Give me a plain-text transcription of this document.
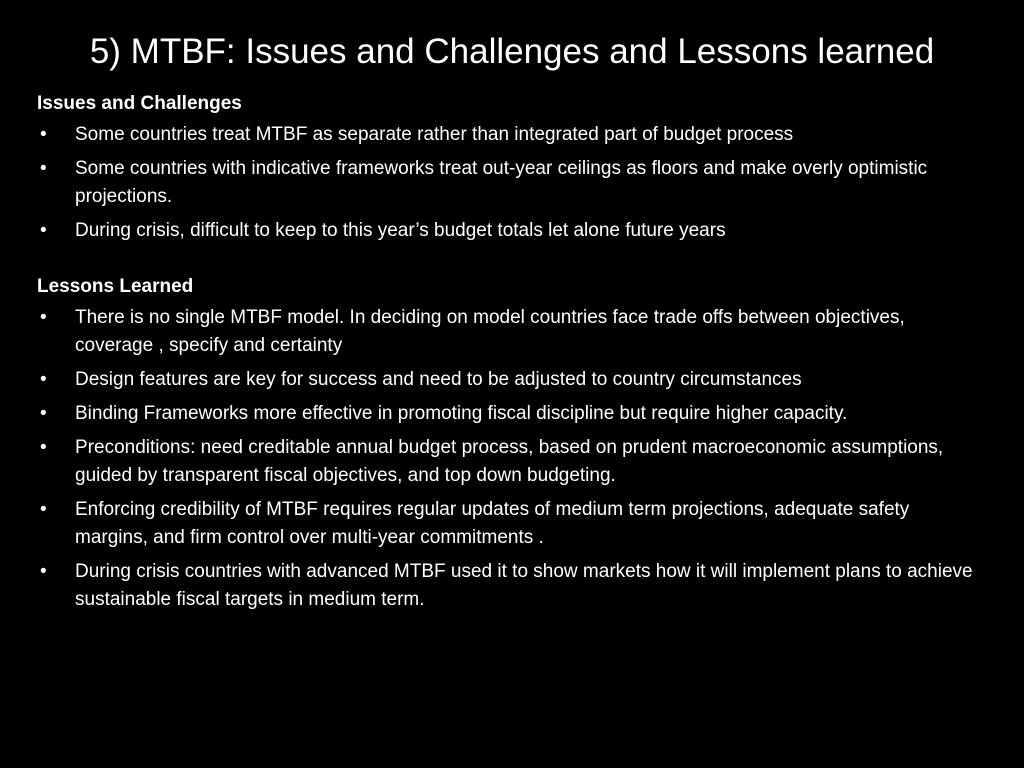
5) MTBF: Issues and Challenges and Lessons learned

Issues and Challenges

•
Some countries treat MTBF as separate rather than integrated part of budget process
•
Some countries with indicative frameworks treat out-year ceilings as floors and make overly optimistic projections.
•
During crisis, difficult to keep to this year’s budget totals let alone future years

Lessons Learned

•
There is no single MTBF model. In deciding on model countries face trade offs between objectives, coverage , specify and certainty
•
Design features are key for success and need to be adjusted to country circumstances
•
Binding Frameworks more effective in promoting fiscal discipline but require higher capacity.
•
Preconditions: need creditable annual budget process, based on prudent macroeconomic assumptions, guided by transparent fiscal objectives, and top down budgeting.
•
Enforcing credibility of MTBF requires regular updates of medium term projections, adequate safety margins, and firm control over multi-year commitments .
•
During crisis countries with advanced MTBF used it to show markets how it will implement plans to achieve sustainable fiscal targets in medium term.
